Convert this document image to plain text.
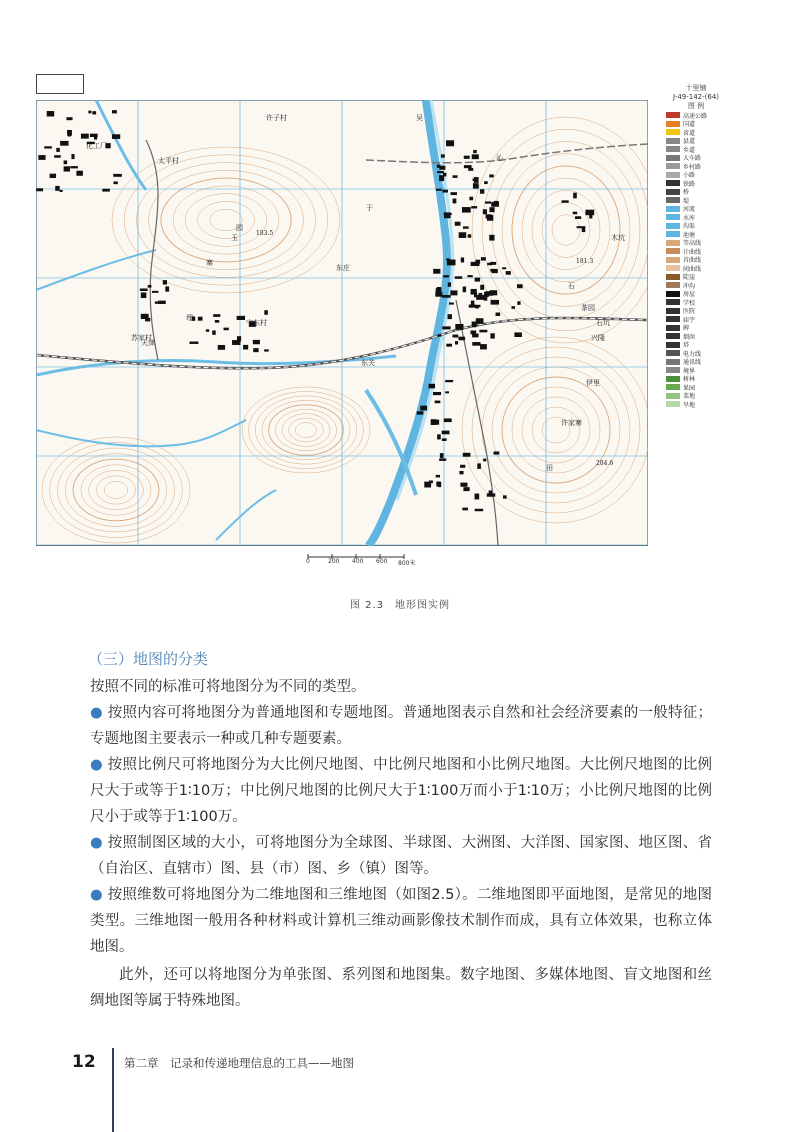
许子村
太平村
化工厂
石
田
园
寨
吴
于
沁
玉
埋
宁东村
苏家村
东庄
茶园
石坑
兴隆
伊里
许家寨
木坑
天津
东关
183.5
181.3
284.6
十里铺
J-49-142-(64)
图 例
高速公路
国道
省道
县道
乡道
大车路
乡村路
小路
铁路
桥
堤
河流
水库
沟渠
池塘
等高线
计曲线
首曲线
间曲线
陡崖
冲沟
房屋
学校
医院
庙宇
碑
烟囱
塔
电力线
通讯线
境界
树林
果园
菜地
旱地
0	200 400 600 800米
图 2.3　地形图实例
（三）地图的分类
按照不同的标准可将地图分为不同的类型。
● 按照内容可将地图分为普通地图和专题地图。普通地图表示自然和社会经济要素的一般特征；专题地图主要表示一种或几种专题要素。
● 按照比例尺可将地图分为大比例尺地图、中比例尺地图和小比例尺地图。大比例尺地图的比例尺大于或等于1∶10万；中比例尺地图的比例尺大于1∶100万而小于1∶10万；小比例尺地图的比例尺小于或等于1∶100万。
● 按照制图区域的大小，可将地图分为全球图、半球图、大洲图、大洋图、国家图、地区图、省（自治区、直辖市）图、县（市）图、乡（镇）图等。
● 按照维数可将地图分为二维地图和三维地图（如图2.5）。二维地图即平面地图，是常见的地图类型。三维地图一般用各种材料或计算机三维动画影像技术制作而成，具有立体效果，也称立体地图。
此外，还可以将地图分为单张图、系列图和地图集。数字地图、多媒体地图、盲文地图和丝绸地图等属于特殊地图。
12 第二章　记录和传递地理信息的工具——地图
